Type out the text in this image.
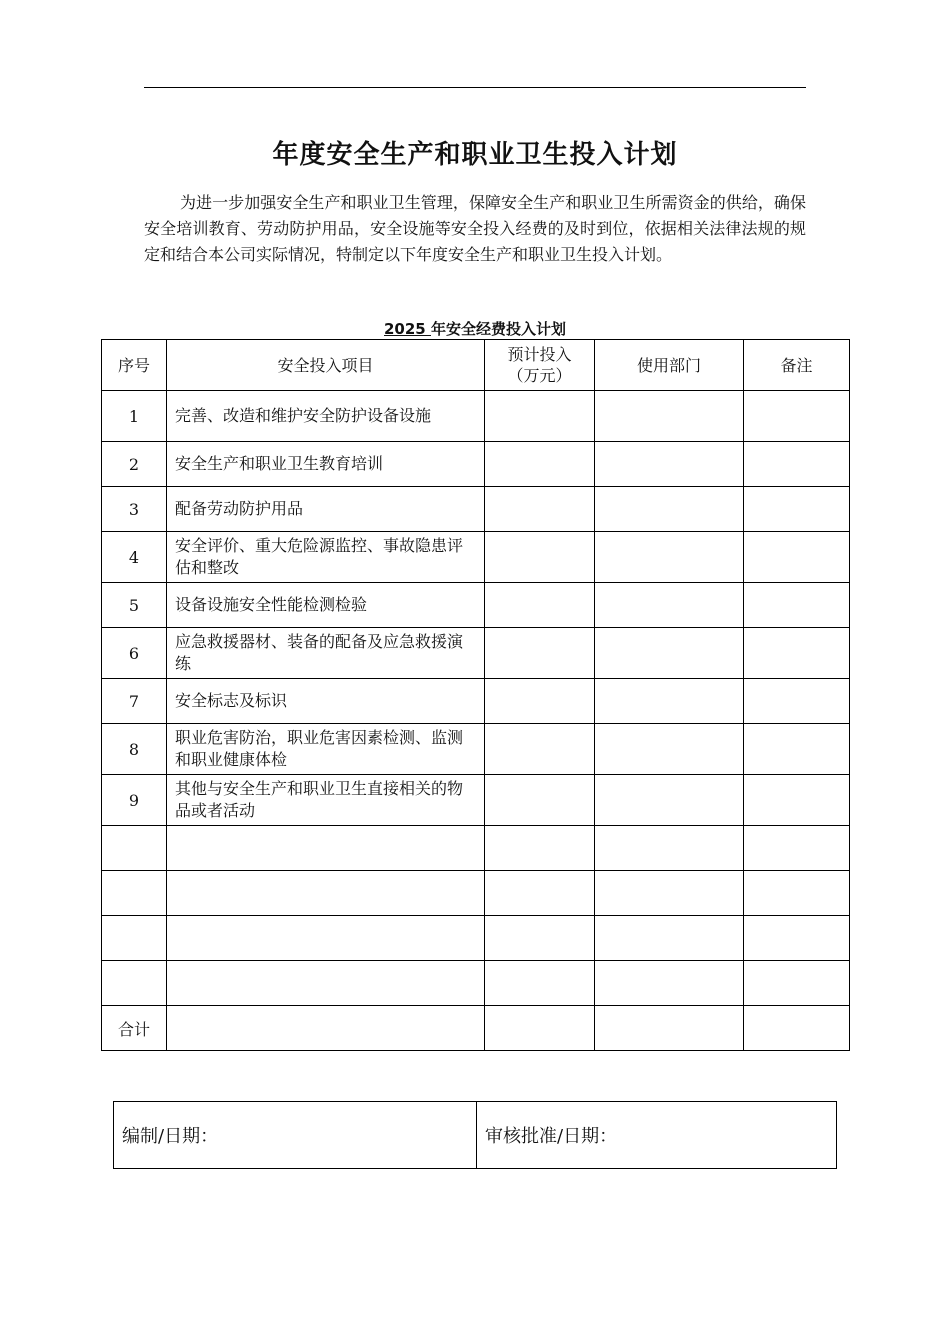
年度安全生产和职业卫生投入计划
为进一步加强安全生产和职业卫生管理，保障安全生产和职业卫生所需资金的供给，确保安全培训教育、劳动防护用品，安全设施等安全投入经费的及时到位，依据相关法律法规的规定和结合本公司实际情况，特制定以下年度安全生产和职业卫生投入计划。
2025 年安全经费投入计划
序号	安全投入项目	预计投入（万元）	使用部门	备注
1	完善、改造和维护安全防护设备设施			
2	安全生产和职业卫生教育培训			
3	配备劳动防护用品			
4	安全评价、重大危险源监控、事故隐患评估和整改			
5	设备设施安全性能检测检验			
6	应急救援器材、装备的配备及应急救援演练			
7	安全标志及标识			
8	职业危害防治，职业危害因素检测、监测和职业健康体检			
9	其他与安全生产和职业卫生直接相关的物品或者活动			

合计				
编制/日期：	审核批准/日期：
